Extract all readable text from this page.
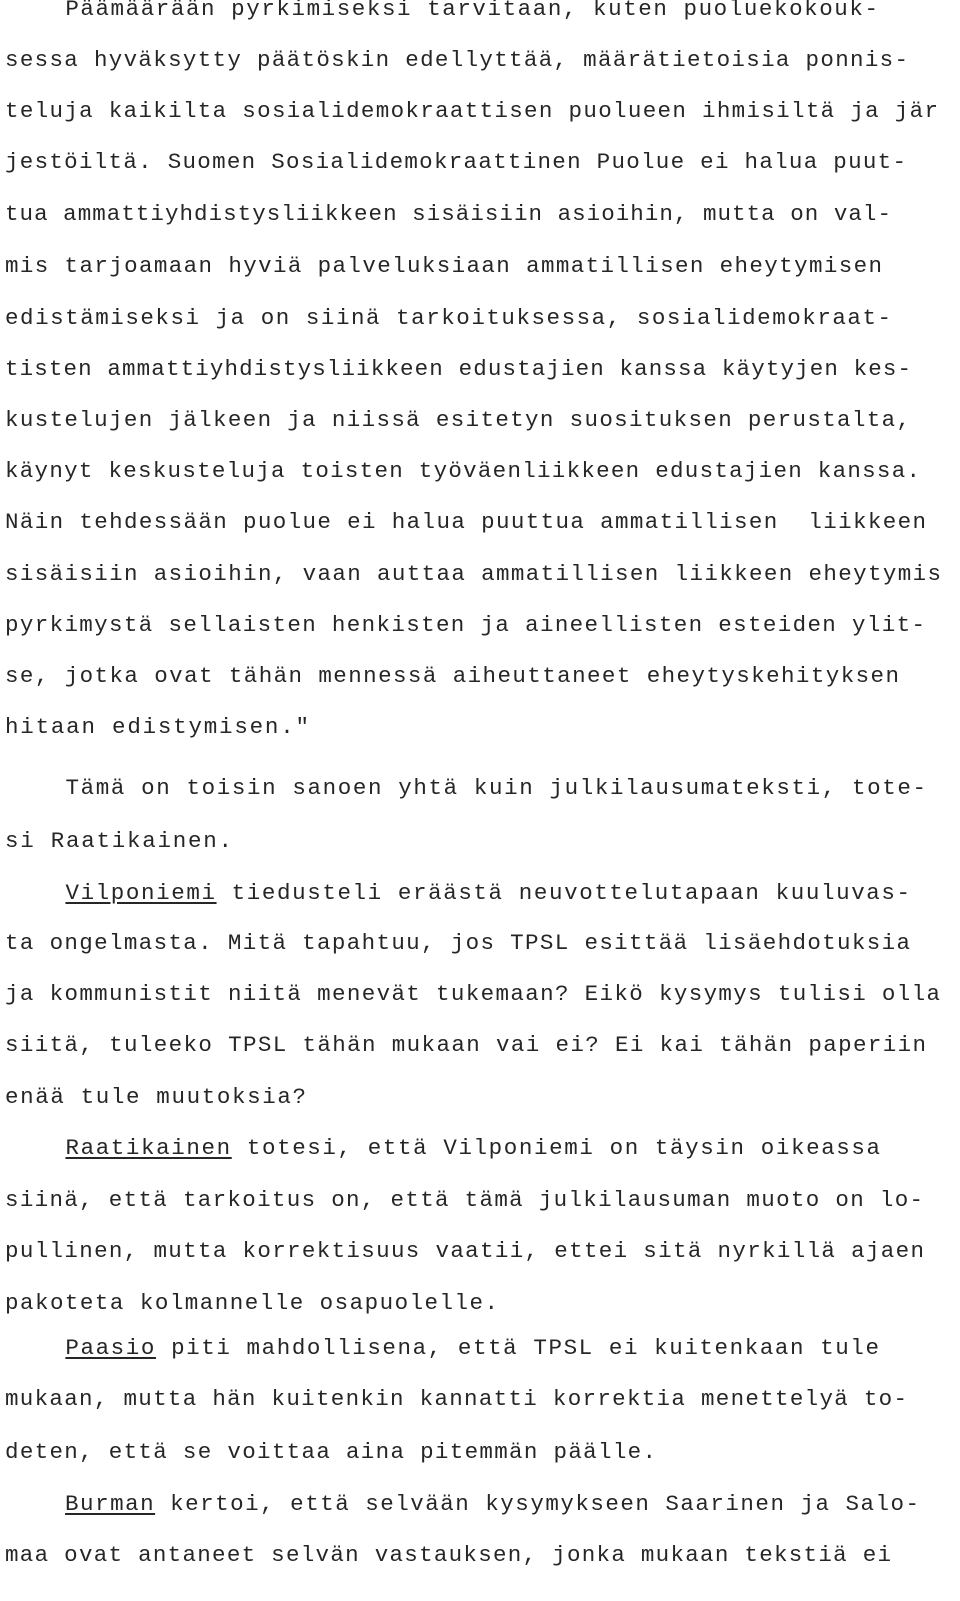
Päämäärään pyrkimiseksi tarvitaan, kuten puoluekokouk-
sessa hyväksytty päätöskin edellyttää, määrätietoisia ponnis-
teluja kaikilta sosialidemokraattisen puolueen ihmisiltä ja jär
jestöiltä. Suomen Sosialidemokraattinen Puolue ei halua puut-
tua ammattiyhdistysliikkeen sisäisiin asioihin, mutta on val-
mis tarjoamaan hyviä palveluksiaan ammatillisen eheytymisen
edistämiseksi ja on siinä tarkoituksessa, sosialidemokraat-
tisten ammattiyhdistysliikkeen edustajien kanssa käytyjen kes-
kustelujen jälkeen ja niissä esitetyn suosituksen perustalta,
käynyt keskusteluja toisten työväenliikkeen edustajien kanssa.
Näin tehdessään puolue ei halua puuttua ammatillisen  liikkeen
sisäisiin asioihin, vaan auttaa ammatillisen liikkeen eheytymis
pyrkimystä sellaisten henkisten ja aineellisten esteiden ylit-
se, jotka ovat tähän mennessä aiheuttaneet eheytyskehityksen
hitaan edistymisen."
Tämä on toisin sanoen yhtä kuin julkilausumateksti, tote-
si Raatikainen.
Vilponiemi tiedusteli eräästä neuvottelutapaan kuuluvas-
ta ongelmasta. Mitä tapahtuu, jos TPSL esittää lisäehdotuksia
ja kommunistit niitä menevät tukemaan? Eikö kysymys tulisi olla
siitä, tuleeko TPSL tähän mukaan vai ei? Ei kai tähän paperiin
enää tule muutoksia?
Raatikainen totesi, että Vilponiemi on täysin oikeassa
siinä, että tarkoitus on, että tämä julkilausuman muoto on lo-
pullinen, mutta korrektisuus vaatii, ettei sitä nyrkillä ajaen
pakoteta kolmannelle osapuolelle.
Paasio piti mahdollisena, että TPSL ei kuitenkaan tule
mukaan, mutta hän kuitenkin kannatti korrektia menettelyä to-
deten, että se voittaa aina pitemmän päälle.
Burman kertoi, että selvään kysymykseen Saarinen ja Salo-
maa ovat antaneet selvän vastauksen, jonka mukaan tekstiä ei
